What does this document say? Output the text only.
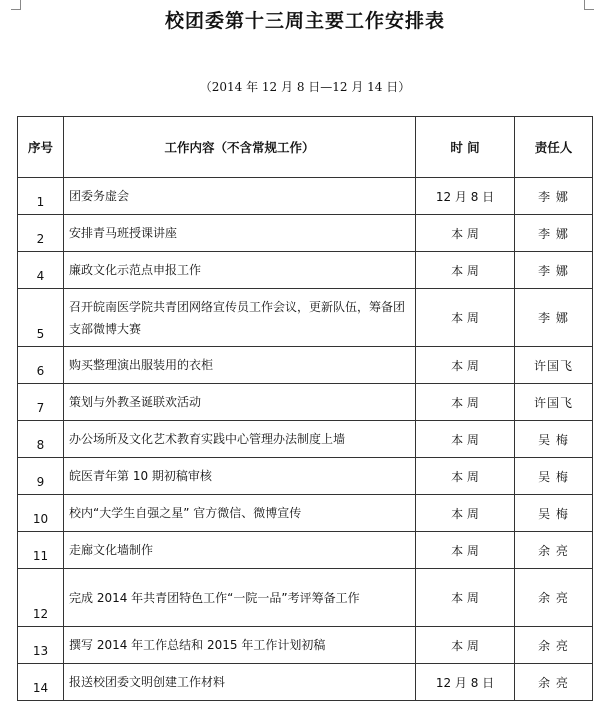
校团委第十三周主要工作安排表
（2014 年 12 月 8 日—12 月 14 日）
序号	工作内容（不含常规工作）	时 间	责任人
1	团委务虚会	12 月 8 日	李 娜
2	安排青马班授课讲座	本 周	李 娜
4	廉政文化示范点申报工作	本 周	李 娜
5	召开皖南医学院共青团网络宣传员工作会议，更新队伍，筹备团支部微博大赛	本 周	李 娜
6	购买整理演出服装用的衣柜	本 周	许国飞
7	策划与外教圣诞联欢活动	本 周	许国飞
8	办公场所及文化艺术教育实践中心管理办法制度上墙	本 周	吴 梅
9	皖医青年第 10 期初稿审核	本 周	吴 梅
10	校内“大学生自强之星” 官方微信、微博宣传	本 周	吴 梅
11	走廊文化墙制作	本 周	余 亮
12	完成 2014 年共青团特色工作“一院一品”考评筹备工作	本 周	余 亮
13	撰写 2014 年工作总结和 2015 年工作计划初稿	本 周	余 亮
14	报送校团委文明创建工作材料	12 月 8 日	余 亮
